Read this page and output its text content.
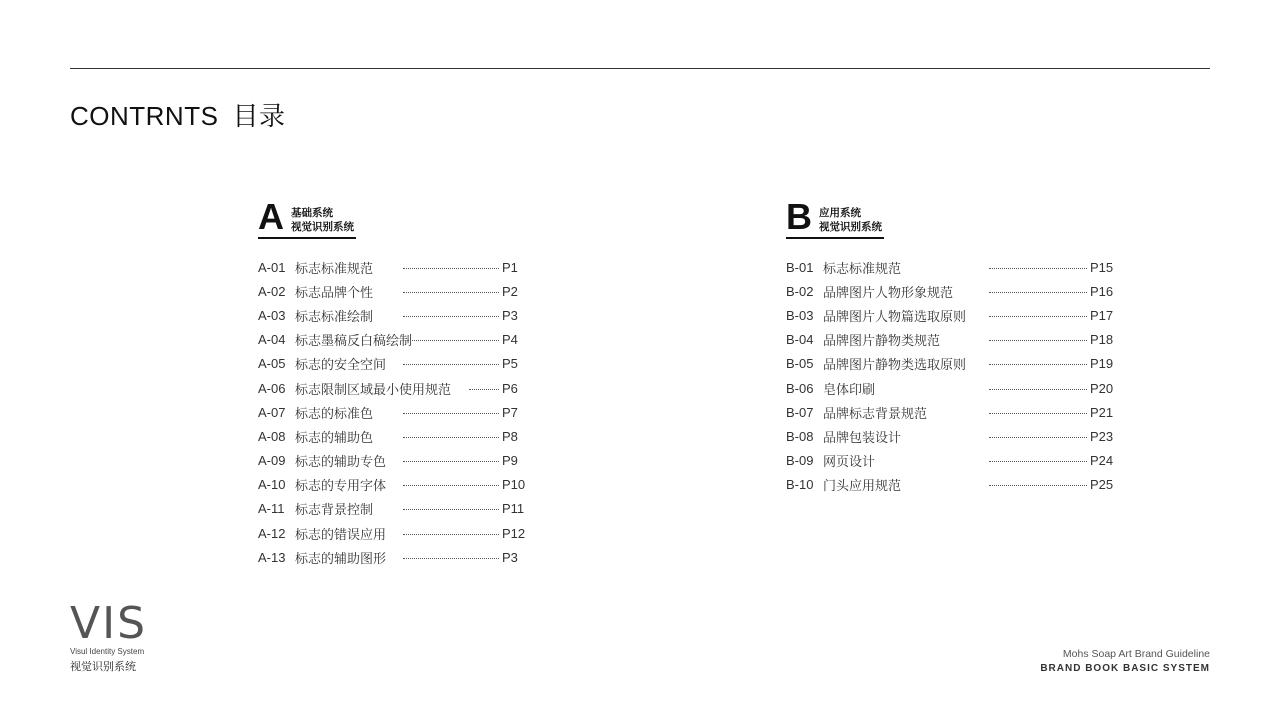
CONTRNTS 目录
A 基础系统
视觉识别系统
A-01 标志标准规范	P1
A-02 标志品牌个性	P2
A-03 标志标准绘制	P3
A-04 标志墨稿反白稿绘制	P4
A-05 标志的安全空间	P5
A-06 标志限制区域最小使用规范	P6
A-07 标志的标准色	P7
A-08 标志的辅助色	P8
A-09 标志的辅助专色	P9
A-10 标志的专用字体	P10
A-11 标志背景控制	P11
A-12 标志的错误应用	P12
A-13 标志的辅助图形	P3
B 应用系统
视觉识别系统
B-01 标志标准规范	P15
B-02 品牌图片人物形象规范	P16
B-03 品牌图片人物篇选取原则	P17
B-04 品牌图片静物类规范	P18
B-05 品牌图片静物类选取原则	P19
B-06 皂体印刷	P20
B-07 品牌标志背景规范	P21
B-08 品牌包装设计	P23
B-09 网页设计	P24
B-10 门头应用规范	P25
VIS
Visul Identity System
视觉识别系统
Mohs Soap Art Brand Guideline
BRAND BOOK BASIC SYSTEM
